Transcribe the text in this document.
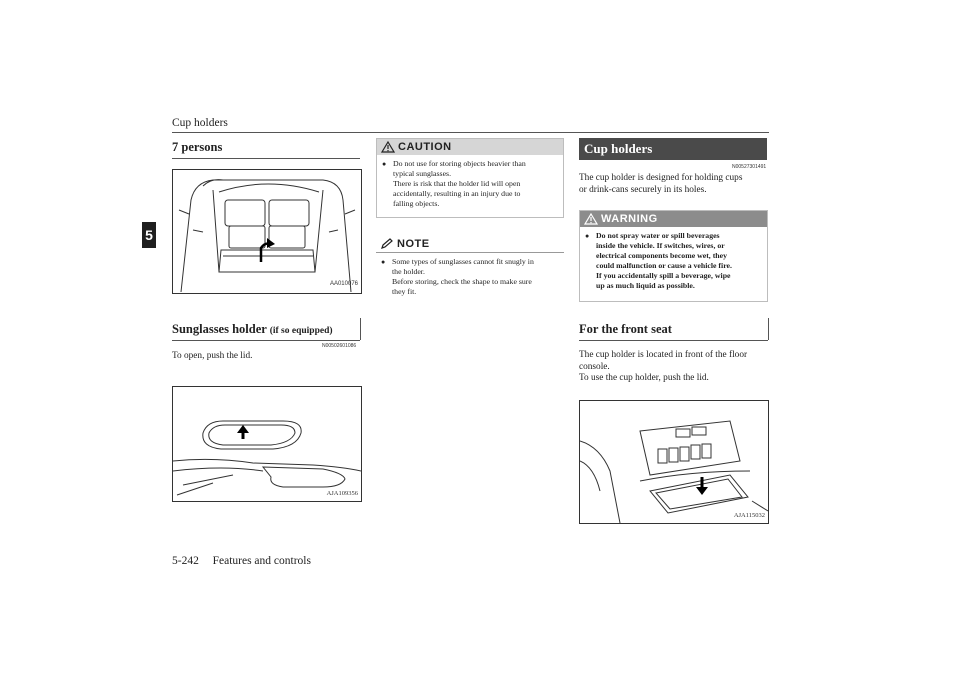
Cup holders
5
7 persons
AA010076
Sunglasses holder (if so equipped)
N00502601086
To open, push the lid.
AJA109356
CAUTION
● Do not use for storing objects heavier than
typical sunglasses.
There is risk that the holder lid will open
accidentally, resulting in an injury due to
falling objects.
NOTE
● Some types of sunglasses cannot fit snugly in
the holder.
Before storing, check the shape to make sure
they fit.
Cup holders
N00527301491
The cup holder is designed for holding cups
or drink-cans securely in its holes.
WARNING
● Do not spray water or spill beverages
inside the vehicle. If switches, wires, or
electrical components become wet, they
could malfunction or cause a vehicle fire.
If you accidentally spill a beverage, wipe
up as much liquid as possible.
For the front seat
The cup holder is located in front of the floor
console.
To use the cup holder, push the lid.
AJA115032
5-242 Features and controls
